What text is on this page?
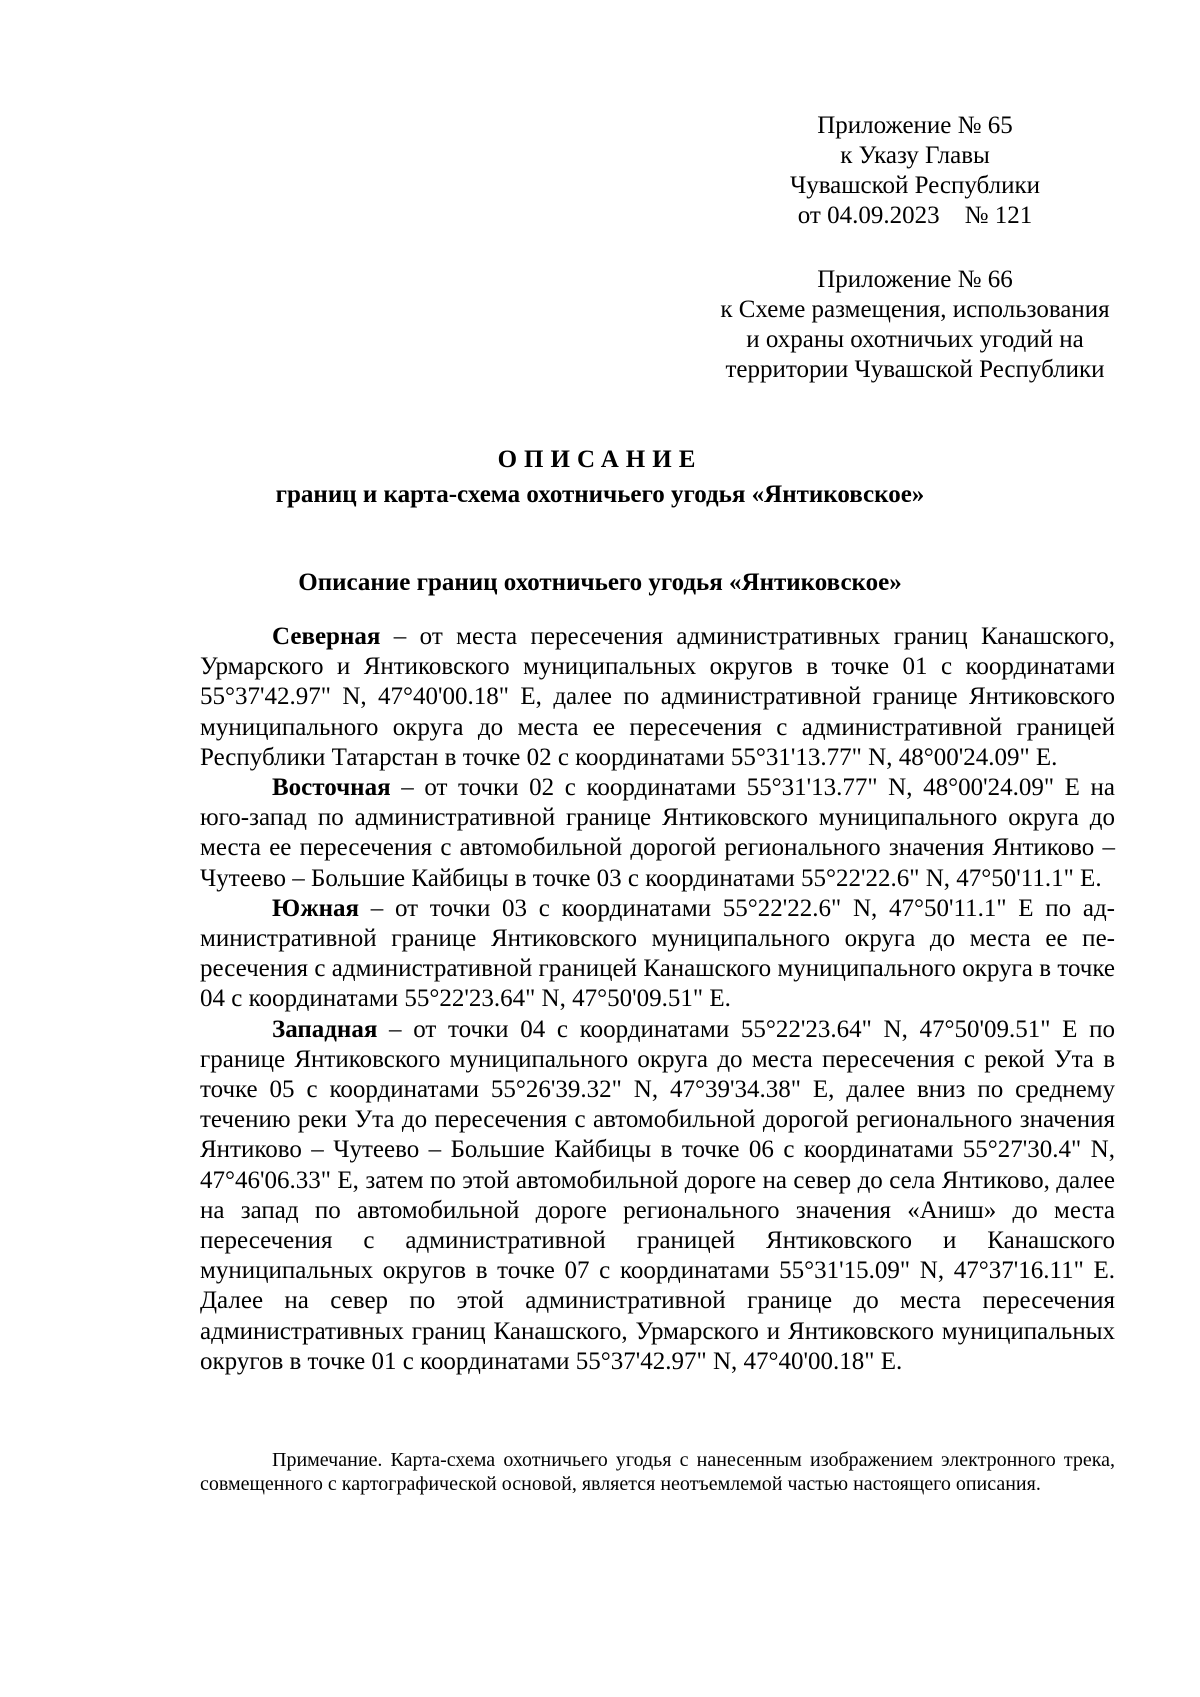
Приложение № 65
к Указу Главы
Чувашской Республики
от 04.09.2023    № 121
Приложение № 66
к Схеме размещения, использования
и охраны охотничьих угодий на
территории Чувашской Республики
ОПИСАНИЕ
границ и карта-схема охотничьего угодья «Янтиковское»
Описание границ охотничьего угодья «Янтиковское»

Северная – от места пересечения административных границ Канашского, Урмарского и Янтиковского муниципальных округов в точке 01 с координатами 55°37'42.97" N, 47°40'00.18" Е, далее по административной границе Янтиковского муниципального округа до места ее пересечения с административной границей Республики Татарстан в точке 02 с координатами 55°31'13.77" N, 48°00'24.09" Е.

Восточная – от точки 02 с координатами 55°31'13.77" N, 48°00'24.09" Е на юго-запад по административной границе Янтиковского муниципального округа до места ее пересечения с автомобильной дорогой регионального значения Янтиково – Чутеево – Большие Кайбицы в точке 03 с координатами 55°22'22.6" N, 47°50'11.1" Е.

Южная – от точки 03 с координатами 55°22'22.6" N, 47°50'11.1" Е по административной границе Янтиковского муниципального округа до места ее пересечения с административной границей Канашского муниципального округа в точке 04 с координатами 55°22'23.64" N, 47°50'09.51" Е.

Западная – от точки 04 с координатами 55°22'23.64" N, 47°50'09.51" Е по границе Янтиковского муниципального округа до места пересечения с рекой Ута в точке 05 с координатами 55°26'39.32" N, 47°39'34.38" Е, далее вниз по среднему течению реки Ута до пересечения с автомобильной дорогой регионального значения Янтиково – Чутеево – Большие Кайбицы в точке 06 с координатами 55°27'30.4" N, 47°46'06.33" Е, затем по этой автомобильной дороге на север до села Янтиково, далее на запад по автомобильной дороге регионального значения «Аниш» до места пересечения с административной границей Янтиковского и Канашского муниципальных округов в точке 07 с координатами 55°31'15.09" N, 47°37'16.11" Е. Далее на север по этой административной границе до места пересечения административных границ Канашского, Урмарского и Янтиковского муниципальных округов в точке 01 с координатами 55°37'42.97" N, 47°40'00.18" Е.

Примечание. Карта-схема охотничьего угодья с нанесенным изображением электронного трека, совмещенного с картографической основой, является неотъемлемой частью настоящего описания.
